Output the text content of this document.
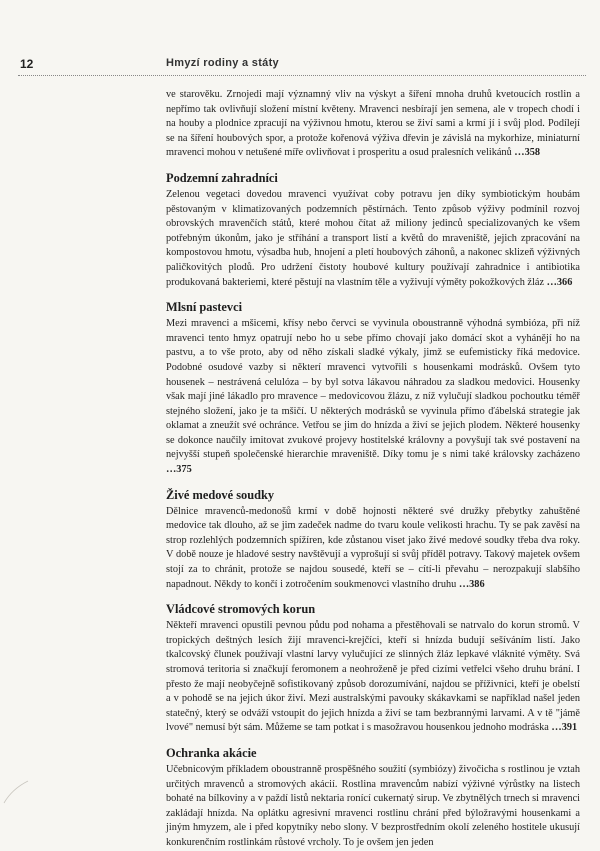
12	Hmyzí rodiny a státy

ve starověku. Zrnojedi mají významný vliv na výskyt a šíření mnoha druhů kvetoucích rostlin a nepřímo tak ovlivňují složení místní květeny. Mravenci nesbírají jen semena, ale v tropech chodí i na houby a plodnice zpracují na výživnou hmotu, kterou se živí sami a krmí jí i svůj plod. Podílejí se na šíření houbových spor, a protože kořenová výživa dřevin je závislá na mykorhize, miniaturní mravenci mohou v netušené míře ovlivňovat i prosperitu a osud pralesních velikánů …358

Podzemní zahradníci

Zelenou vegetaci dovedou mravenci využívat coby potravu jen díky symbiotickým houbám pěstovaným v klimatizovaných podzemních pěstírnách. Tento způsob výživy podmínil rozvoj obrovských mravenčích států, které mohou čítat až miliony jedinců specializovaných ke všem potřebným úkonům, jako je stříhání a transport listí a květů do mraveniště, jejich zpracování na kompostovou hmotu, výsadba hub, hnojení a pletí houbových záhonů, a nakonec sklizeň výživných paličkovitých plodů. Pro udržení čistoty houbové kultury používají zahradnice i antibiotika produkovaná bakteriemi, které pěstují na vlastním těle a vyživují výměty pokožkových žláz …366

Mlsní pastevci

Mezi mravenci a mšicemi, křísy nebo červci se vyvinula oboustranně výhodná symbióza, při níž mravenci tento hmyz opatrují nebo ho u sebe přímo chovají jako domácí skot a vyhánějí ho na pastvu, a to vše proto, aby od něho získali sladké výkaly, jimž se eufemisticky říká medovice. Podobné osudové vazby si některí mravenci vytvořili s housenkami modrásků. Ovšem tyto housenek – nestrávená celulóza – by byl sotva lákavou náhradou za sladkou medovici. Housenky však mají jiné lákadlo pro mravence – medovicovou žlázu, z níž vylučují sladkou pochoutku téměř stejného složení, jako je ta mšičí. U některých modrásků se vyvinula přímo ďábelská strategie jak oklamat a zneužít své ochránce. Vetřou se jim do hnízda a živí se jejich plodem. Některé housenky se dokonce naučily imitovat zvukové projevy hostitelské královny a povyšují tak své postavení na nejvyšší stupeň společenské hierarchie mraveniště. Díky tomu je s nimi také královsky zacházeno …375

Živé medové soudky

Dělnice mravenců-medonošů krmí v době hojnosti některé své družky přebytky zahuštěné medovice tak dlouho, až se jim zadeček nadme do tvaru koule velikosti hrachu. Ty se pak zavěsí na strop rozlehlých podzemních spížíren, kde zůstanou viset jako živé medové soudky třeba dva roky. V době nouze je hladové sestry navštěvují a vyprošují si svůj příděl potravy. Takový majetek ovšem stojí za to chránit, protože se najdou sousedé, kteří se – cítí-li převahu – nerozpakují slabšího napadnout. Někdy to končí i zotročením soukmenovci vlastního druhu …386

Vládcové stromových korun

Někteří mravenci opustili pevnou půdu pod nohama a přestěhovali se natrvalo do korun stromů. V tropických deštných lesích žijí mravenci-krejčíci, kteří si hnízda budují sešíváním listí. Jako tkalcovský člunek používají vlastní larvy vylučující ze slinných žláz lepkavé vláknité výměty. Svá stromová teritoria si značkují feromonem a neohroženě je před cizími vetřelci všeho druhu brání. I přesto že mají neobyčejně sofistikovaný způsob dorozumívání, najdou se příživníci, kteří je obelstí a v pohodě se na jejich úkor živí. Mezi australskými pavouky skákavkami se například našel jeden statečný, který se odváží vstoupit do jejich hnízda a živí se tam bezbrannými larvami. A v tě "jámě lvové" nemusí být sám. Můžeme se tam potkat i s masožravou housenkou jednoho modráska …391

Ochranka akácie

Učebnicovým příkladem oboustranně prospěšného soužití (symbiózy) živočicha s rostlinou je vztah určitých mravenců a stromových akácií. Rostlina mravencům nabízí výživné výrůstky na listech bohaté na bílkoviny a v paždí listů nektaria ronící cukernatý sirup. Ve zbytnělých trnech si mravenci zakládají hnízda. Na oplátku agresivní mravenci rostlinu chrání před býložravými housenkami a jiným hmyzem, ale i před kopytníky nebo slony. V bezprostředním okolí zeleného hostitele ukusují konkurenčním rostlinkám růstové vrcholy. To je ovšem jen jeden
